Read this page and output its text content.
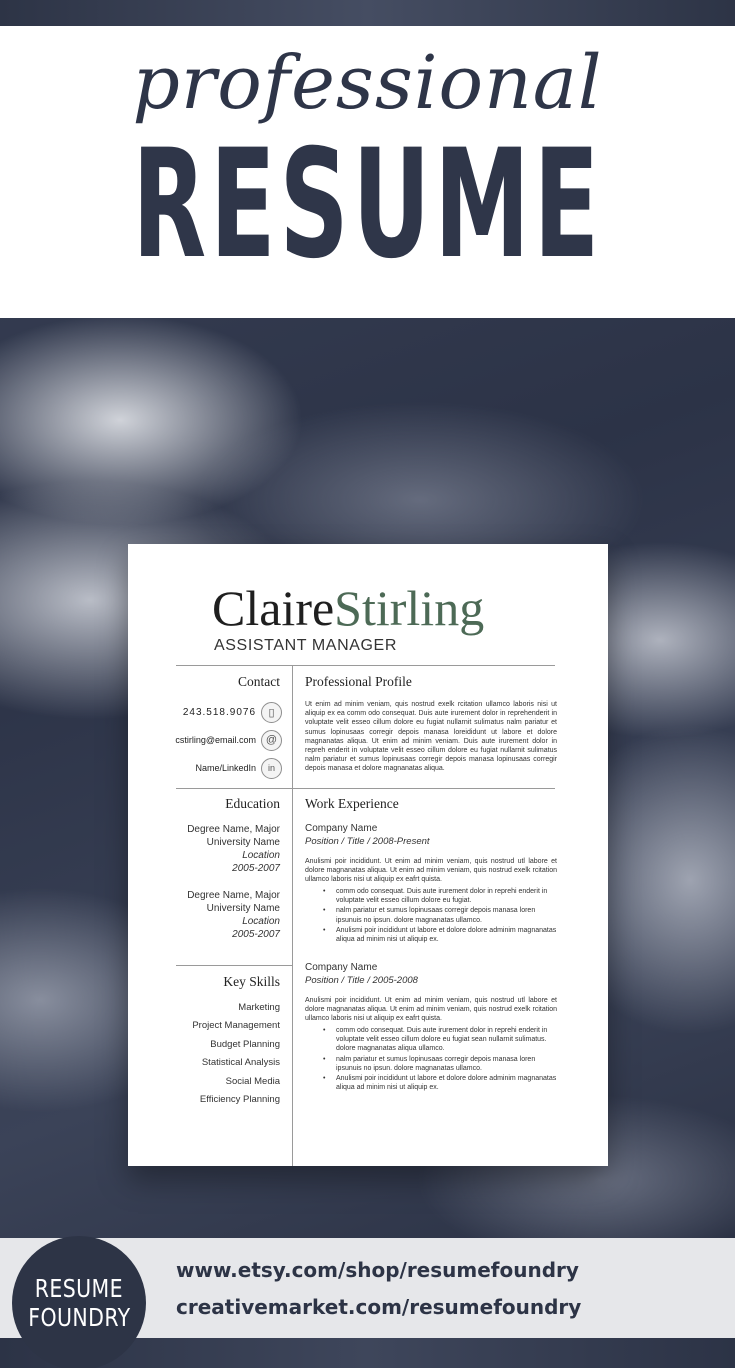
professional
RESUME
ClaireStirling
ASSISTANT MANAGER
Contact
243.518.9076	▯
cstirling@email.com @
Name/LinkedIn	in
Professional Profile
Ut enim ad minim veniam, quis nostrud exelk rcitation ullamco laboris nisi ut aliquip ex ea comm odo consequat. Duis aute irurement dolor in reprehenderit in voluptate velit esseo cillum dolore eu fugiat nullarnit sulimatus nalm pariatur et sumus lopinusaas corregir depois manasa loreididunt ut labore et dolore magnanatas aliqua. Ut enim ad minim veniam. Duis aute irurement dolor in repreh enderit in voluptate velit esseo cillum dolore eu fugiat nullarnit sulimatus nalm pariatur et sumus lopinusaas corregir depois manasa lopinusaas corregir depois manasa et dolore magnanatas aliqua.
Education
Degree Name, Major
University Name
Location
2005-2007
Degree Name, Major
University Name
Location
2005-2007
Key Skills
Marketing
Project Management
Budget Planning
Statistical Analysis
Social Media
Efficiency Planning
Work Experience
Company Name
Position / Title / 2008-Present
Anulismi poir incididunt. Ut enim ad minim veniam, quis nostrud utl labore et dolore magnanatas aliqua. Ut enim ad minim veniam, quis nostrud exelk rcitation ullamco laboris nisi ut aliquip ex eafrt quista.
• comm odo consequat. Duis aute irurement dolor in reprehi enderit in voluptate velit esseo cillum dolore eu fugiat.
• nalm pariatur et sumus lopinusaas corregir depois manasa loren ipsunuis no ipsun. dolore magnanatas ullamco.
• Anulismi poir incididunt ut labore et dolore dolore adminim magnanatas aliqua ad minim nisi ut aliquip ex.
Company Name
Position / Title / 2005-2008
Anulismi poir incididunt. Ut enim ad minim veniam, quis nostrud utl labore et dolore magnanatas aliqua. Ut enim ad minim veniam, quis nostrud exelk rcitation ullamco laboris nisi ut aliquip ex eafrt quista.
• comm odo consequat. Duis aute irurement dolor in reprehi enderit in voluptate velit esseo cillum dolore eu fugiat sean nullarnit sulimatus. dolore magnanatas aliqua ullamco.
• nalm pariatur et sumus lopinusaas corregir depois manasa loren ipsunuis no ipsun. dolore magnanatas ullamco.
• Anulismi poir incididunt ut labore et dolore dolore adminim magnanatas aliqua ad minim nisi ut aliquip ex.
RESUME
FOUNDRY
www.etsy.com/shop/resumefoundry
creativemarket.com/resumefoundry
